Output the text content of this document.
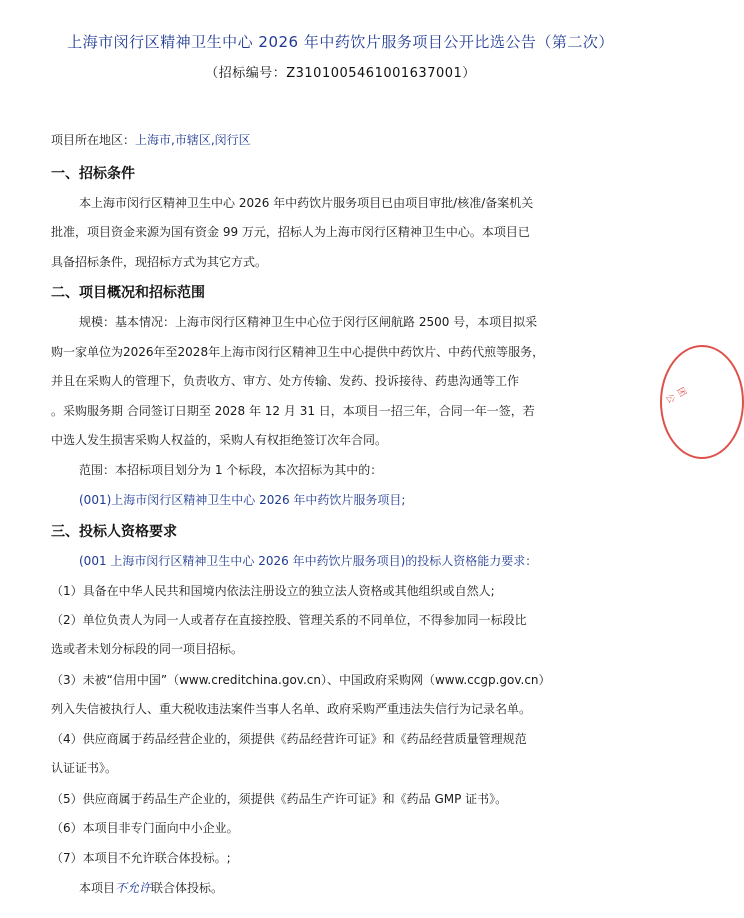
上海市闵行区精神卫生中心 2026 年中药饮片服务项目公开比选公告（第二次）
（招标编号：Z3101005461001637001）
项目所在地区：上海市,市辖区,闵行区
一、招标条件
本上海市闵行区精神卫生中心 2026 年中药饮片服务项目已由项目审批/核准/备案机关
批准，项目资金来源为国有资金 99 万元，招标人为上海市闵行区精神卫生中心。本项目已
具备招标条件，现招标方式为其它方式。
二、项目概况和招标范围
规模：基本情况：上海市闵行区精神卫生中心位于闵行区闸航路 2500 号，本项目拟采
购一家单位为2026年至2028年上海市闵行区精神卫生中心提供中药饮片、中药代煎等服务，
并且在采购人的管理下，负责收方、审方、处方传输、发药、投诉接待、药患沟通等工作
。采购服务期 合同签订日期至 2028 年 12 月 31 日，本项目一招三年，合同一年一签，若
中选人发生损害采购人权益的，采购人有权拒绝签订次年合同。
范围：本招标项目划分为 1 个标段，本次招标为其中的：
(001)上海市闵行区精神卫生中心 2026 年中药饮片服务项目;
三、投标人资格要求
(001 上海市闵行区精神卫生中心 2026 年中药饮片服务项目)的投标人资格能力要求：
（1）具备在中华人民共和国境内依法注册设立的独立法人资格或其他组织或自然人;
（2）单位负责人为同一人或者存在直接控股、管理关系的不同单位，不得参加同一标段比
选或者未划分标段的同一项目招标。
（3）未被“信用中国”（www.creditchina.gov.cn）、中国政府采购网（www.ccgp.gov.cn）
列入失信被执行人、重大税收违法案件当事人名单、政府采购严重违法失信行为记录名单。
（4）供应商属于药品经营企业的，须提供《药品经营许可证》和《药品经营质量管理规范
认证证书》。
（5）供应商属于药品生产企业的，须提供《药品生产许可证》和《药品 GMP 证书》。
（6）本项目非专门面向中小企业。
（7）本项目不允许联合体投标。;
本项目不允许联合体投标。
团 公
